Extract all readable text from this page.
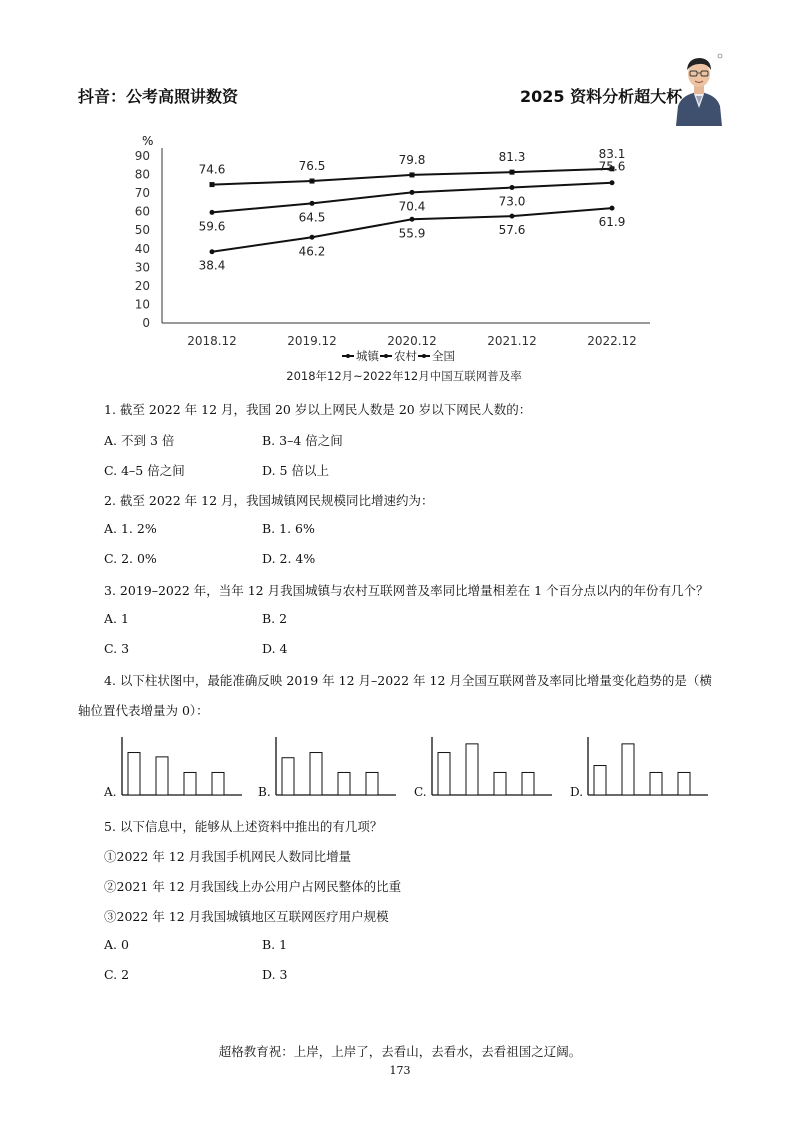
抖音：公考高照讲数资	2025 资料分析超大杯
%
0
10
20
30
40
50
60
70
80
90
2018.12	2019.12	2020.12	2021.12	2022.12
74.6	76.5	79.8	81.3	83.1
59.6
64.5
70.4	73.0
75.6
38.4
46.2
55.9	57.6
61.9
城镇 农村 全国
2018年12月~2022年12月中国互联网普及率
1. 截至 2022 年 12 月，我国 20 岁以上网民人数是 20 岁以下网民人数的：
A. 不到 3 倍	B. 3–4 倍之间
C. 4–5 倍之间	D. 5 倍以上
2. 截至 2022 年 12 月，我国城镇网民规模同比增速约为：
A. 1. 2%	B. 1. 6%
C. 2. 0%	D. 2. 4%
3. 2019–2022 年，当年 12 月我国城镇与农村互联网普及率同比增量相差在 1 个百分点以内的年份有几个？
A. 1	B. 2
C. 3	D. 4
4. 以下柱状图中，最能准确反映 2019 年 12 月–2022 年 12 月全国互联网普及率同比增量变化趋势的是（横
轴位置代表增量为 0）：
A.	B.	C.	D.
5. 以下信息中，能够从上述资料中推出的有几项？
①2022 年 12 月我国手机网民人数同比增量
②2021 年 12 月我国线上办公用户占网民整体的比重
③2022 年 12 月我国城镇地区互联网医疗用户规模
A. 0	B. 1
C. 2	D. 3
超格教育祝：上岸，上岸了，去看山，去看水，去看祖国之辽阔。
173
